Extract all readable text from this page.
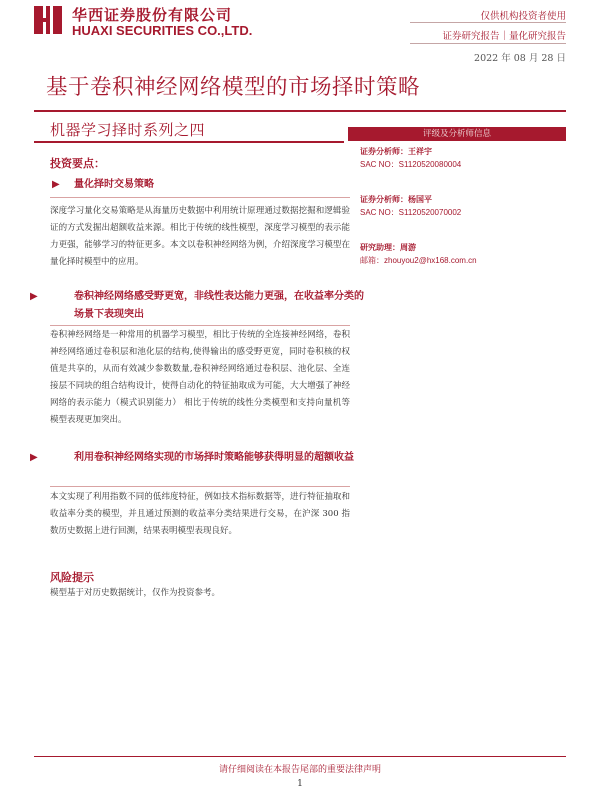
华西证券股份有限公司
HUAXI SECURITIES CO.,LTD.
仅供机构投资者使用
证券研究报告｜量化研究报告
2022 年 08 月 28 日
基于卷积神经网络模型的市场择时策略
机器学习择时系列之四	评级及分析师信息
证券分析师：王祥宇
SAC NO：S1120520080004
证券分析师：杨国平
SAC NO：S1120520070002
研究助理：周游
邮箱：zhouyou2@hx168.com.cn
投资要点：
▶ 量化择时交易策略
深度学习量化交易策略是从海量历史数据中利用统计原理通过数据挖掘和逻辑验证的方式发掘出超额收益来源。相比于传统的线性模型，深度学习模型的表示能力更强，能够学习的特征更多。本文以卷积神经网络为例，介绍深度学习模型在量化择时模型中的应用。
▶	卷积神经网络感受野更宽，非线性表达能力更强，在收益率分类的场景下表现突出
卷积神经网络是一种常用的机器学习模型，相比于传统的全连接神经网络，卷积神经网络通过卷积层和池化层的结构,使得输出的感受野更宽，同时卷积核的权值是共享的，从而有效减少参数数量,卷积神经网络通过卷积层、池化层、全连接层不同块的组合结构设计，使得自动化的特征抽取成为可能，大大增强了神经网络的表示能力（模式识别能力） 相比于传统的线性分类模型和支持向量机等模型表现更加突出。
▶	利用卷积神经网络实现的市场择时策略能够获得明显的超额收益
本文实现了利用指数不同的低纬度特征，例如技术指标数据等，进行特征抽取和收益率分类的模型，并且通过预测的收益率分类结果进行交易，在沪深 300 指数历史数据上进行回测，结果表明模型表现良好。
风险提示
模型基于对历史数据统计，仅作为投资参考。
请仔细阅读在本报告尾部的重要法律声明
1
